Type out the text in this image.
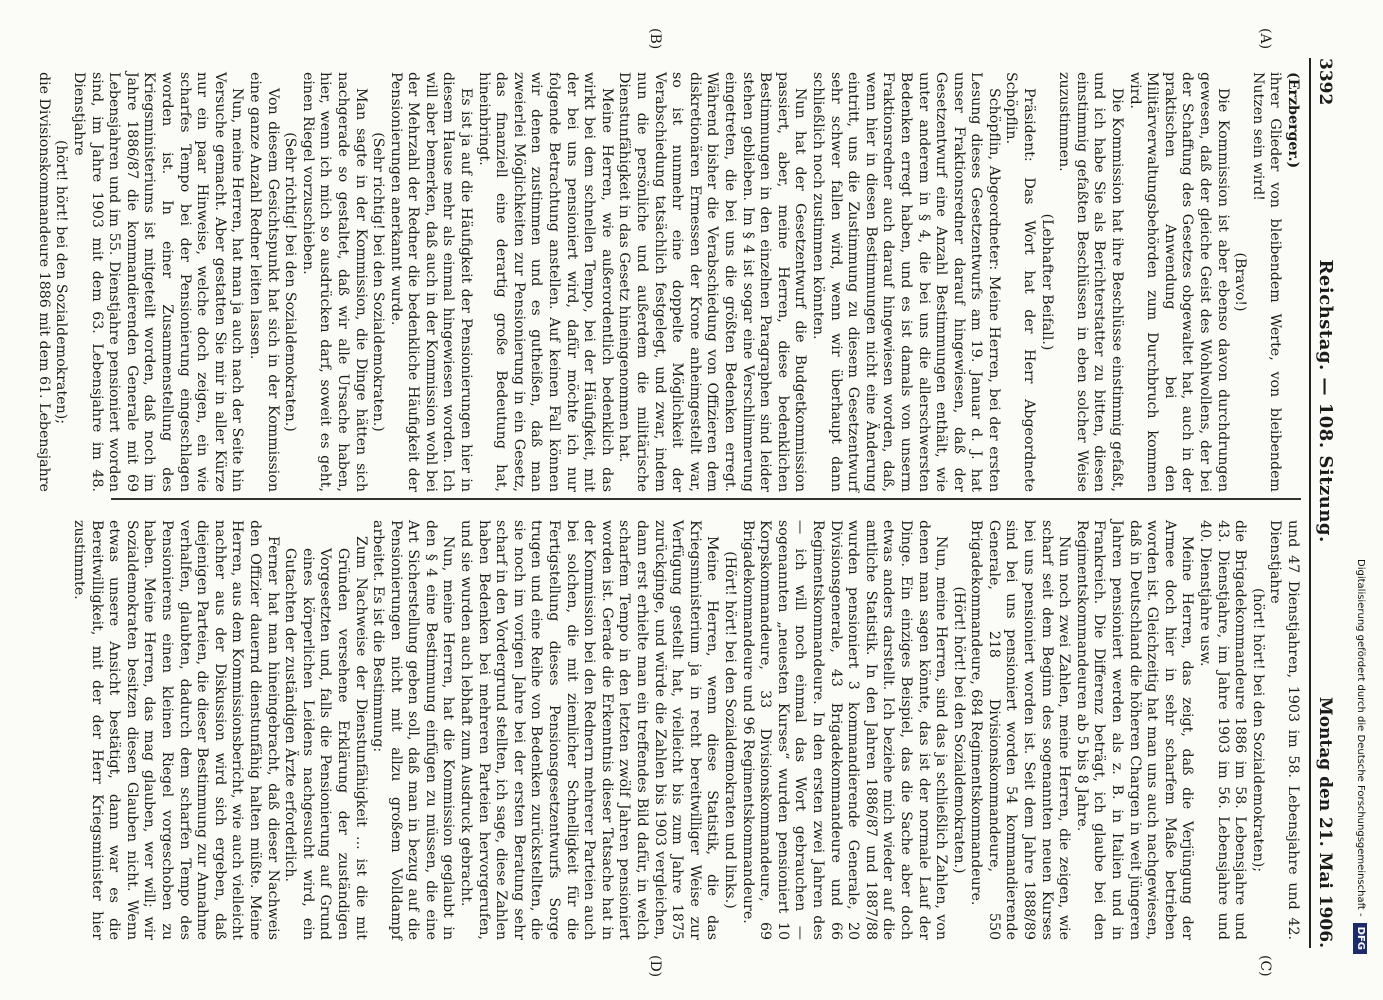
3392
Reichstag. — 108. Sitzung.
Montag den 21. Mai 1906.
(A)
(B)
(C)
(D)

(Erzberger.)

ihrer Glieder von bleibendem Werte, von bleibendem Nutzen sein wird!

(Bravo!)

Die Kommission ist aber ebenso davon durchdrungen gewesen, daß der gleiche Geist des Wohlwollens, der bei der Schaffung des Gesetzes obgewaltet hat, auch in der praktischen Anwendung bei den Militärverwaltungsbehörden zum Durchbruch kommen wird.

Die Kommission hat ihre Beschlüsse einstimmig gefaßt, und ich habe Sie als Berichterstatter zu bitten, diesen einstimmig gefaßten Beschlüssen in eben solcher Weise zuzustimmen.

(Lebhafter Beifall.)

Präsident: Das Wort hat der Herr Abgeordnete Schöpflin.

Schöpflin, Abgeordneter: Meine Herren, bei der ersten Lesung dieses Gesetzentwurfs am 19. Januar d. J. hat unser Fraktionsredner darauf hingewiesen, daß der Gesetzentwurf eine Anzahl Bestimmungen enthält, wie unter anderem in § 4, die bei uns die allerschwersten Bedenken erregt haben, und es ist damals von unserm Fraktionsredner auch darauf hingewiesen worden, daß, wenn hier in diesen Bestimmungen nicht eine Änderung eintritt, uns die Zustimmung zu diesem Gesetzentwurf sehr schwer fallen wird, wenn wir überhaupt dann schließlich noch zustimmen könnten.

Nun hat der Gesetzentwurf die Budgetkommission passiert, aber, meine Herren, diese bedenklichen Bestimmungen in den einzelnen Paragraphen sind leider stehen geblieben. Im § 4 ist sogar eine Verschlimmerung eingetreten, die bei uns die größten Bedenken erregt. Während bisher die Verabschiedung von Offizieren dem diskretionären Ermessen der Krone anheimgestellt war, so ist nunmehr eine doppelte Möglichkeit der Verabschiedung tatsächlich festgelegt, und zwar, indem nun die persönliche und außerdem die militärische Dienstunfähigkeit in das Gesetz hineingenommen hat.

Meine Herren, wie außerordentlich bedenklich das wirkt bei dem schnellen Tempo, bei der Häufigkeit, mit der bei uns pensioniert wird, dafür möchte ich nur folgende Betrachtung anstellen. Auf keinen Fall können wir denen zustimmen und es gutheißen, daß man zweierlei Möglichkeiten zur Pensionierung in ein Gesetz, das finanziell eine derartig große Bedeutung hat, hineinbringt.

Es ist ja auf die Häufigkeit der Pensionierungen hier in diesem Hause mehr als einmal hingewiesen worden. Ich will aber bemerken, daß auch in der Kommission wohl bei der Mehrzahl der Redner die bedenkliche Häufigkeit der Pensionierungen anerkannt wurde.

(Sehr richtig! bei den Sozialdemokraten.)

Man sagte in der Kommission, die Dinge hätten sich nachgerade so gestaltet, daß wir alle Ursache haben, hier, wenn ich mich so ausdrücken darf, soweit es geht, einen Riegel vorzuschieben.

(Sehr richtig! bei den Sozialdemokraten.)

Von diesem Gesichtspunkt hat sich in der Kommission eine ganze Anzahl Redner leiten lassen.

Nun, meine Herren, hat man ja auch nach der Seite hin Versuche gemacht. Aber gestatten Sie mir in aller Kürze nur ein paar Hinweise, welche doch zeigen, ein wie scharfes Tempo bei der Pensionierung eingeschlagen worden ist. In einer Zusammenstellung des Kriegsministeriums ist mitgeteilt worden, daß noch im Jahre 1886/87 die kommandierenden Generale mit 69 Lebensjahren und im 55. Dienstjahre pensioniert worden sind, im Jahre 1903 mit dem 63. Lebensjahre im 48. Dienstjahre

(hört! hört! bei den Sozialdemokraten);

die Divisionskommandeure 1886 mit dem 61. Lebensjahre

und 47 Dienstjahren, 1903 im 58. Lebensjahre und 42. Dienstjahre

(hört! hört! bei den Sozialdemokraten);

die Brigadekommandeure 1886 im 58. Lebensjahre und 43. Dienstjahre, im Jahre 1903 im 56. Lebensjahre und 40. Dienstjahre usw.

Meine Herren, das zeigt, daß die Verjüngung der Armee doch hier in sehr scharfem Maße betrieben worden ist. Gleichzeitig hat man uns auch nachgewiesen, daß in Deutschland die höheren Chargen in weit jüngeren Jahren pensioniert werden als z. B. in Italien und in Frankreich. Die Differenz beträgt, ich glaube bei den Regimentskommandeuren ab 5 bis 8 Jahre.

Nun noch zwei Zahlen, meine Herren, die zeigen, wie scharf seit dem Beginn des sogenannten neuen Kurses bei uns pensioniert worden ist. Seit dem Jahre 1888/89 sind bei uns pensioniert worden 54 kommandierende Generale, 218 Divisionskommandeure, 550 Brigadekommandeure, 684 Regimentskommandeure.

(Hört! hört! bei den Sozialdemokraten.)

Nun, meine Herren, sind das ja schließlich Zahlen, von denen man sagen könnte, das ist der normale Lauf der Dinge. Ein einziges Beispiel, das die Sache aber doch etwas anders darstellt. Ich beziehe mich wieder auf die amtliche Statistik. In den Jahren 1886/87 und 1887/88 wurden pensioniert 3 kommandierende Generale, 20 Divisionsgenerale, 43 Brigadekommandeure und 66 Regimentskommandeure. In den ersten zwei Jahren des — ich will noch einmal das Wort gebrauchen — sogenannten „neuesten Kurses“ wurden pensioniert 10 Korpskommandeure, 33 Divisionskommandeure, 69 Brigadekommandeure und 96 Regimentskommandeure.

(Hört! hört! bei den Sozialdemokraten und links.)

Meine Herren, wenn diese Statistik, die das Kriegsministerium ja in recht bereitwilliger Weise zur Verfügung gestellt hat, vielleicht bis zum Jahre 1875 zurückginge, und würde die Zahlen bis 1903 vergleichen, dann erst erhielte man ein treffendes Bild dafür, in welch scharfem Tempo in den letzten zwölf Jahren pensioniert worden ist. Gerade die Erkenntnis dieser Tatsache hat in der Kommission bei den Rednern mehrerer Parteien auch bei solchen, die mit ziemlicher Schnelligkeit für die Fertigstellung dieses Pensionsgesetzentwurfs Sorge trugen und eine Reihe von Bedenken zurückstellten, die sie noch im vorigen Jahre bei der ersten Beratung sehr scharf in den Vordergrund stellten, ich sage, diese Zahlen haben Bedenken bei mehreren Parteien hervorgerufen, und sie wurden auch lebhaft zum Ausdruck gebracht.

Nun, meine Herren, hat die Kommission geglaubt in den § 4 eine Bestimmung einfügen zu müssen, die eine Art Sicherstellung geben soll, daß man in bezug auf die Pensionierungen nicht mit allzu großem Volldampf arbeitet. Es ist die Bestimmung:

Zum Nachweise der Dienstunfähigkeit ... ist die mit Gründen versehene Erklärung der zuständigen Vorgesetzten und, falls die Pensionierung auf Grund eines körperlichen Leidens nachgesucht wird, ein Gutachten der zuständigen Ärzte erforderlich.

Ferner hat man hineingebracht, daß dieser Nachweis den Offizier dauernd dienstunfähig halten müßte. Meine Herren, aus dem Kommissionsbericht, wie auch vielleicht nachher aus der Diskussion wird sich ergeben, daß diejenigen Parteien, die dieser Bestimmung zur Annahme verhalfen, glaubten, dadurch dem scharfen Tempo des Pensionierens einen kleinen Riegel vorgeschoben zu haben. Meine Herren, das mag glauben, wer will; wir Sozialdemokraten besitzen diesen Glauben nicht. Wenn etwas unsere Ansicht bestätigt, dann war es die Bereitwilligkeit, mit der der Herr Kriegsminister hier zustimmte.	Digitalisierung gefördert durch die Deutsche Forschungsgemeinschaft -DFG
